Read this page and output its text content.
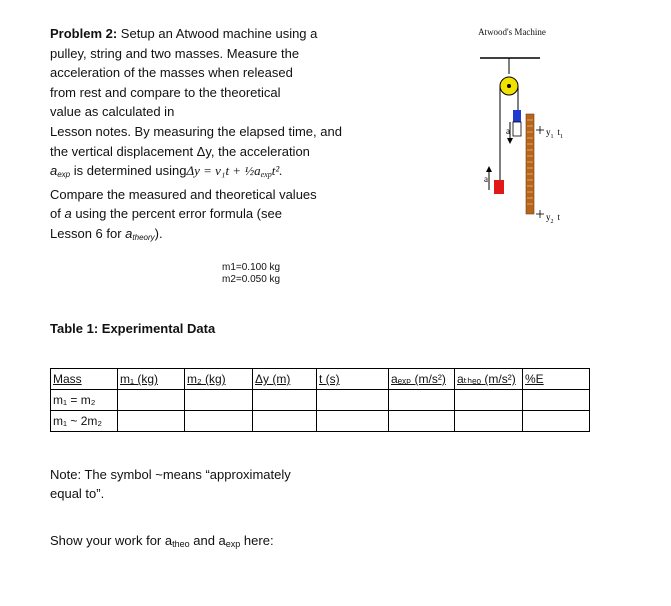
Problem 2: Setup an Atwood machine using a
pulley, string and two masses. Measure the
acceleration of the masses when released
from rest and compare to the theoretical
value as calculated in
Lesson notes. By measuring the elapsed time, and
the vertical displacement Δy, the acceleration
$a_{exp}$ is determined $using\Delta y = v_1t + \frac{1}{2}a_{exp}t^2$.
Compare the measured and theoretical values
of a using the percent error formula (see
Lesson 6 for $a_{theory}$).
Atwood's Machine
a
a
$y_1$ $t_1$
$y_2$ t
m1=0.100 kg
m2=0.050 kg
Table 1: Experimental Data
Mass	m₁ (kg)	m₂ (kg)	Δy (m)	t (s)	aₑₓₚ (m/s²)	aₜₕₑₒ (m/s²)	%E
m₁ = m₂							
m₁ ~ 2m₂							
Note: The symbol ~means “approximately
equal to”.
Show your work for $a_{theo}$ and $a_{exp}$ here:
